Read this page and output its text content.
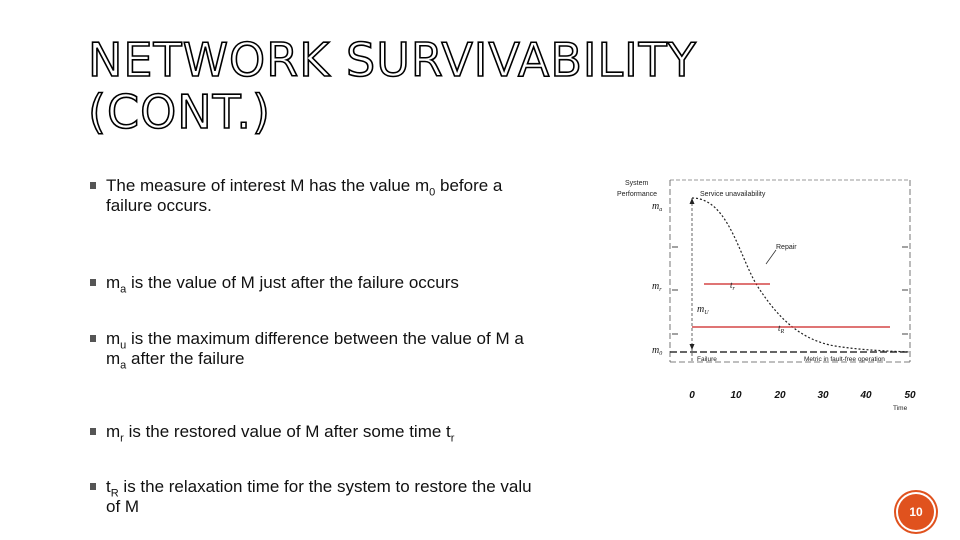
NETWORK SURVIVABILITY
(CONT.)
The measure of interest M has the value $m_0$ before a
failure occurs.
$m_a$ is the value of M just after the failure occurs
$m_u$ is the maximum difference between the value of M a
$m_a$ after the failure
$m_r$ is the restored value of M after some time $t_r$
$t_R$ is the relaxation time for the system to restore the valu
of M
System
Performance	Service unavailability
$m_a$
Repair
$m_r$	$t_r$
$m_U$
$t_R$
$m_0$
Failure	Metric in fault-free operation
0	10	20	30	40	50
Time
10
